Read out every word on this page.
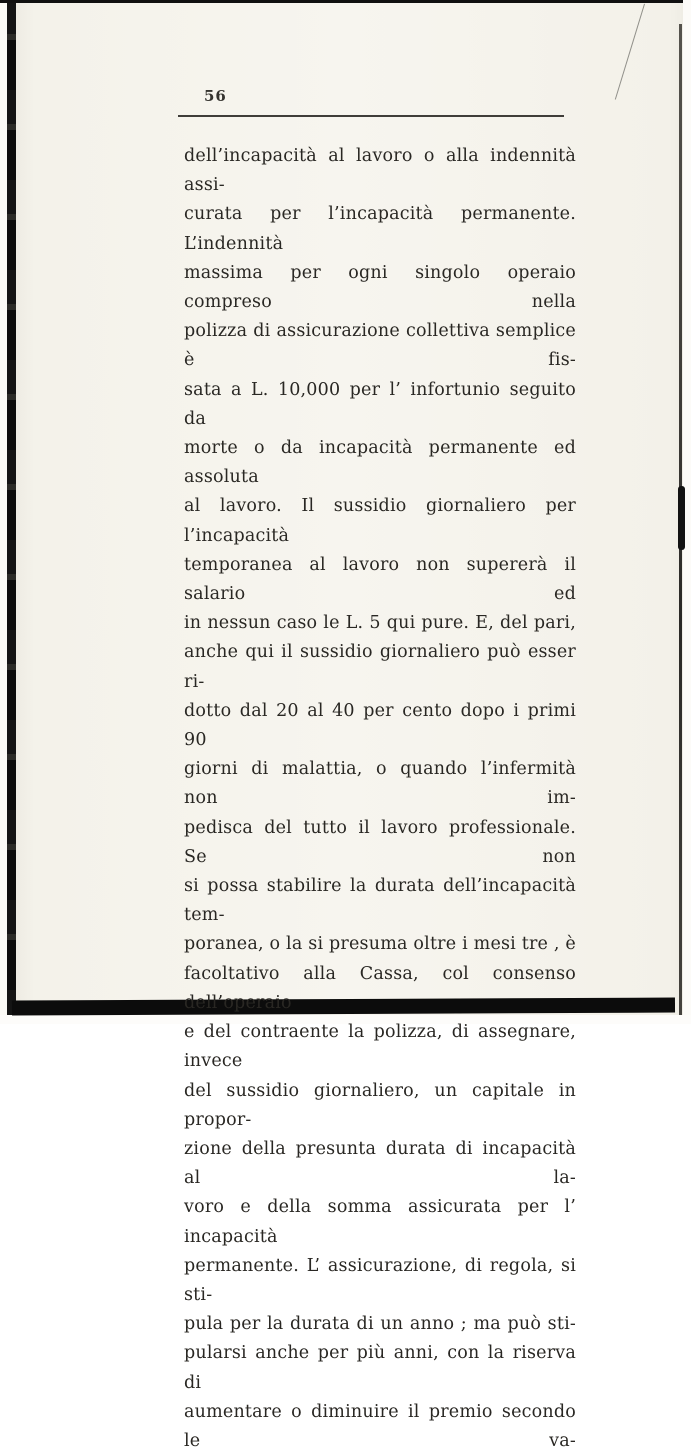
56
dell’incapacità al lavoro o alla indennità assi-
curata per l’incapacità permanente. L’indennità
massima per ogni singolo operaio compreso nella
polizza di assicurazione collettiva semplice è fis-
sata a L. 10,000 per l’ infortunio seguito da
morte o da incapacità permanente ed assoluta
al lavoro. Il sussidio giornaliero per l’incapacità
temporanea al lavoro non supererà il salario ed
in nessun caso le L. 5 qui pure. E, del pari,
anche qui il sussidio giornaliero può esser ri-
dotto dal 20 al 40 per cento dopo i primi 90
giorni di malattia, o quando l’infermità non im-
pedisca del tutto il lavoro professionale. Se non
si possa stabilire la durata dell’incapacità tem-
poranea, o la si presuma oltre i mesi tre , è
facoltativo alla Cassa, col consenso dell’operaio
e del contraente la polizza, di assegnare, invece
del sussidio giornaliero, un capitale in propor-
zione della presunta durata di incapacità al la-
voro e della somma assicurata per l’ incapacità
permanente. L’ assicurazione, di regola, si sti-
pula per la durata di un anno ; ma può sti-
pularsi anche per più anni, con la riserva di
aumentare o diminuire il premio secondo le va-
